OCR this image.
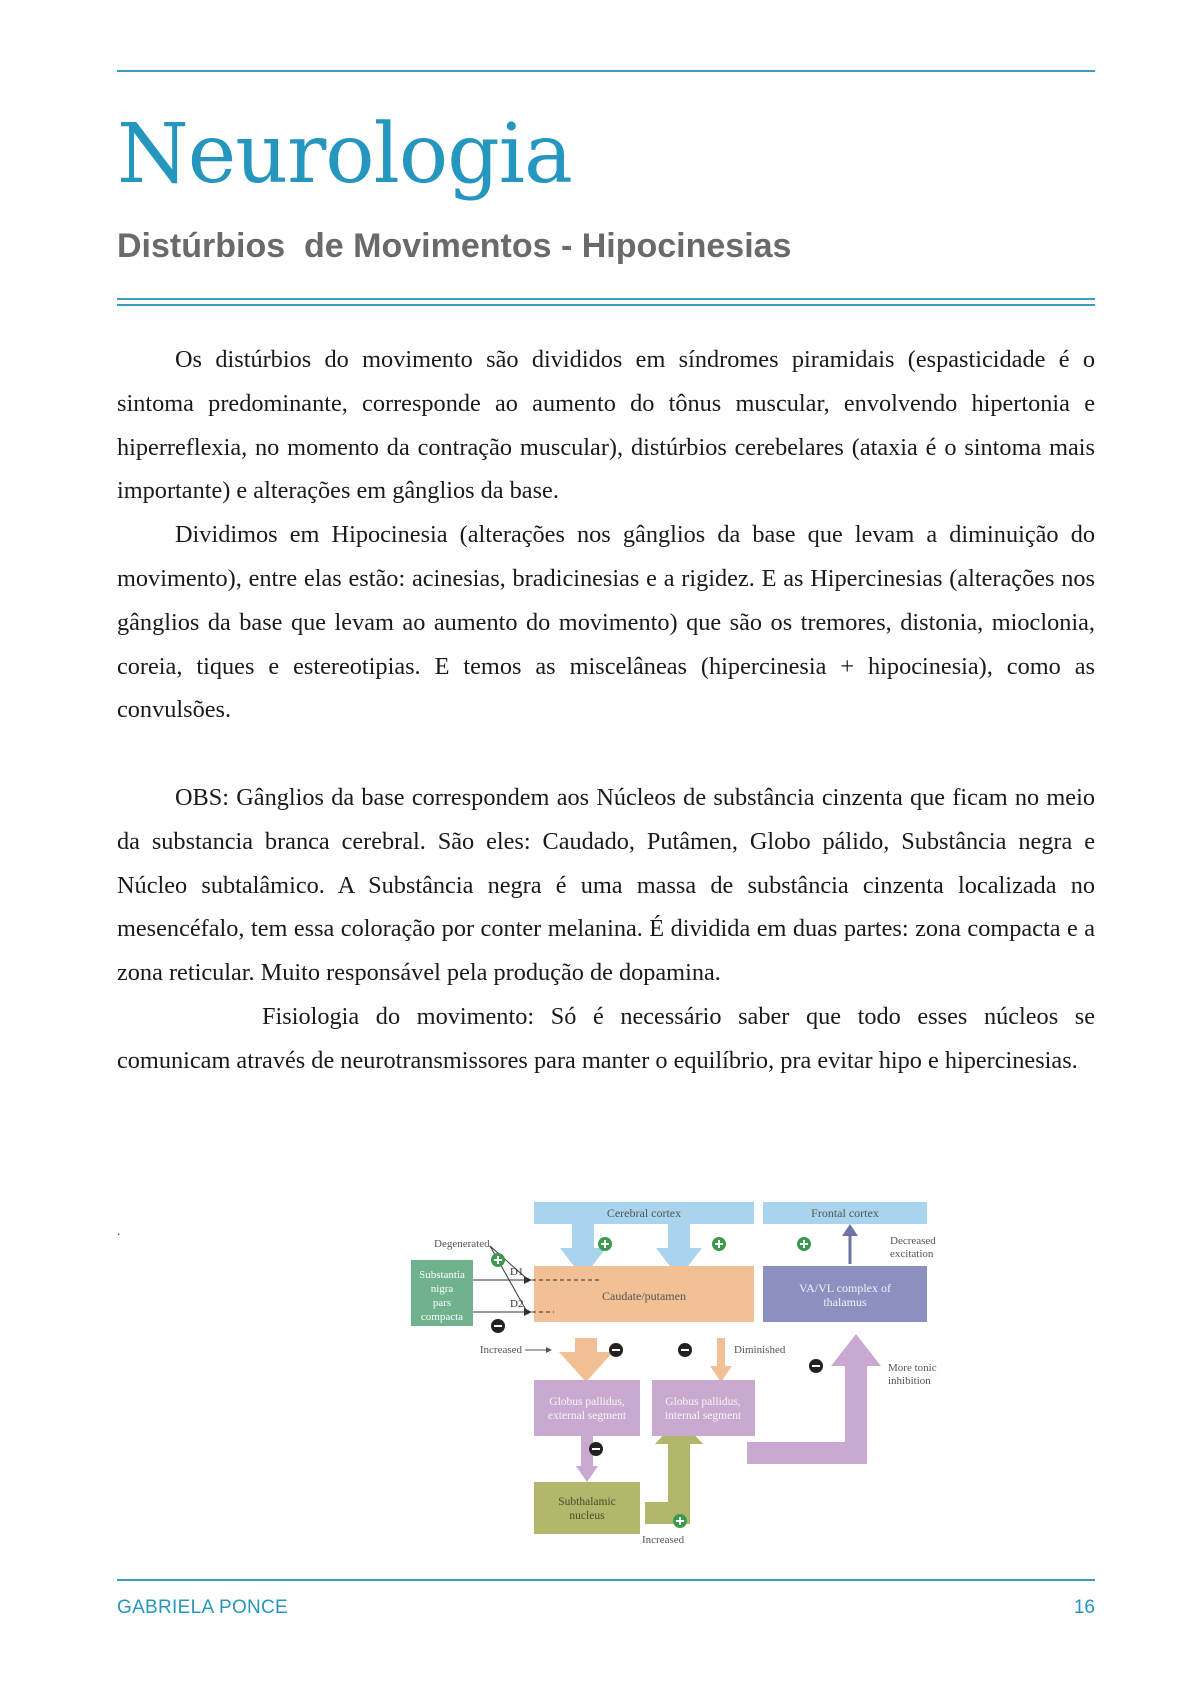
Neurologia
Distúrbios  de Movimentos - Hipocinesias

Os distúrbios do movimento são divididos em síndromes piramidais (espasticidade é o sintoma predominante, corresponde ao aumento do tônus muscular, envolvendo hipertonia e hiperreflexia, no momento da contração muscular), distúrbios cerebelares (ataxia é o sintoma mais importante) e alterações em gânglios da base.

Dividimos em Hipocinesia (alterações nos gânglios da base que levam a diminuição do movimento), entre elas estão: acinesias, bradicinesias e a rigidez. E as Hipercinesias (alterações nos gânglios da base que levam ao aumento do movimento) que são os tremores, distonia, mioclonia, coreia, tiques e estereotipias. E temos as miscelâneas (hipercinesia + hipocinesia), como as convulsões.

OBS: Gânglios da base correspondem aos Núcleos de substância cinzenta que ficam no meio da substancia branca cerebral. São eles: Caudado, Putâmen, Globo pálido, Substância negra e Núcleo subtalâmico. A Substância negra é uma massa de substância cinzenta localizada no mesencéfalo, tem essa coloração por conter melanina. É dividida em duas partes: zona compacta e a zona reticular. Muito responsável pela produção de dopamina.

Fisiologia do movimento: Só é necessário saber que todo esses núcleos se comunicam através de neurotransmissores para manter o equilíbrio, pra evitar hipo e hipercinesias.

.
Cerebral cortex	Frontal cortex
Caudate/putamen
VA/VL complex of
thalamus
Substantia
nigra
pars
compacta
Globus pallidus,
external segment
Globus pallidus,
internal segment
Subthalamic
nucleus
Degenerated
D1
D2
Decreased
excitation
Increased	Diminished
More tonic
inhibition
Increased
GABRIELA PONCE	16
